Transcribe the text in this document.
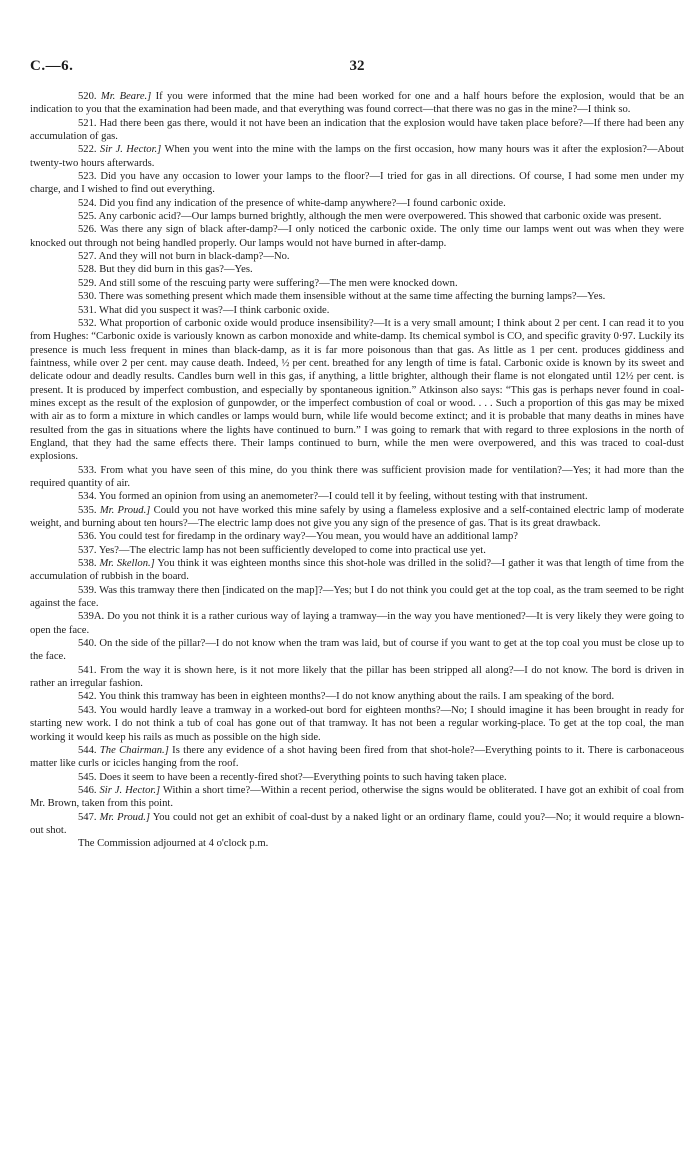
C.—6.	32

520. Mr. Beare.] If you were informed that the mine had been worked for one and a half hours before the explosion, would that be an indication to you that the examination had been made, and that everything was found correct—that there was no gas in the mine?—I think so.

521. Had there been gas there, would it not have been an indication that the explosion would have taken place before?—If there had been any accumulation of gas.

522. Sir J. Hector.] When you went into the mine with the lamps on the first occasion, how many hours was it after the explosion?—About twenty-two hours afterwards.

523. Did you have any occasion to lower your lamps to the floor?—I tried for gas in all directions. Of course, I had some men under my charge, and I wished to find out everything.

524. Did you find any indication of the presence of white-damp anywhere?—I found carbonic oxide.

525. Any carbonic acid?—Our lamps burned brightly, although the men were overpowered. This showed that carbonic oxide was present.

526. Was there any sign of black after-damp?—I only noticed the carbonic oxide. The only time our lamps went out was when they were knocked out through not being handled properly. Our lamps would not have burned in after-damp.

527. And they will not burn in black-damp?—No.

528. But they did burn in this gas?—Yes.

529. And still some of the rescuing party were suffering?—The men were knocked down.

530. There was something present which made them insensible without at the same time affecting the burning lamps?—Yes.

531. What did you suspect it was?—I think carbonic oxide.

532. What proportion of carbonic oxide would produce insensibility?—It is a very small amount; I think about 2 per cent. I can read it to you from Hughes: “Carbonic oxide is variously known as carbon monoxide and white-damp. Its chemical symbol is CO, and specific gravity 0·97. Luckily its presence is much less frequent in mines than black-damp, as it is far more poisonous than that gas. As little as 1 per cent. produces giddiness and faintness, while over 2 per cent. may cause death. Indeed, ½ per cent. breathed for any length of time is fatal. Carbonic oxide is known by its sweet and delicate odour and deadly results. Candles burn well in this gas, if anything, a little brighter, although their flame is not elongated until 12½ per cent. is present. It is produced by imperfect combustion, and especially by spontaneous ignition.” Atkinson also says: “This gas is perhaps never found in coal-mines except as the result of the explosion of gunpowder, or the imperfect combustion of coal or wood. . . . Such a proportion of this gas may be mixed with air as to form a mixture in which candles or lamps would burn, while life would become extinct; and it is probable that many deaths in mines have resulted from the gas in situations where the lights have continued to burn.” I was going to remark that with regard to three explosions in the north of England, that they had the same effects there. Their lamps continued to burn, while the men were overpowered, and this was traced to coal-dust explosions.

533. From what you have seen of this mine, do you think there was sufficient provision made for ventilation?—Yes; it had more than the required quantity of air.

534. You formed an opinion from using an anemometer?—I could tell it by feeling, without testing with that instrument.

535. Mr. Proud.] Could you not have worked this mine safely by using a flameless explosive and a self-contained electric lamp of moderate weight, and burning about ten hours?—The electric lamp does not give you any sign of the presence of gas. That is its great drawback.

536. You could test for firedamp in the ordinary way?—You mean, you would have an additional lamp?

537. Yes?—The electric lamp has not been sufficiently developed to come into practical use yet.

538. Mr. Skellon.] You think it was eighteen months since this shot-hole was drilled in the solid?—I gather it was that length of time from the accumulation of rubbish in the board.

539. Was this tramway there then [indicated on the map]?—Yes; but I do not think you could get at the top coal, as the tram seemed to be right against the face.

539A. Do you not think it is a rather curious way of laying a tramway—in the way you have mentioned?—It is very likely they were going to open the face.

540. On the side of the pillar?—I do not know when the tram was laid, but of course if you want to get at the top coal you must be close up to the face.

541. From the way it is shown here, is it not more likely that the pillar has been stripped all along?—I do not know. The bord is driven in rather an irregular fashion.

542. You think this tramway has been in eighteen months?—I do not know anything about the rails. I am speaking of the bord.

543. You would hardly leave a tramway in a worked-out bord for eighteen months?—No; I should imagine it has been brought in ready for starting new work. I do not think a tub of coal has gone out of that tramway. It has not been a regular working-place. To get at the top coal, the man working it would keep his rails as much as possible on the high side.

544. The Chairman.] Is there any evidence of a shot having been fired from that shot-hole?—Everything points to it. There is carbonaceous matter like curls or icicles hanging from the roof.

545. Does it seem to have been a recently-fired shot?—Everything points to such having taken place.

546. Sir J. Hector.] Within a short time?—Within a recent period, otherwise the signs would be obliterated. I have got an exhibit of coal from Mr. Brown, taken from this point.

547. Mr. Proud.] You could not get an exhibit of coal-dust by a naked light or an ordinary flame, could you?—No; it would require a blown-out shot.

The Commission adjourned at 4 o'clock p.m.
